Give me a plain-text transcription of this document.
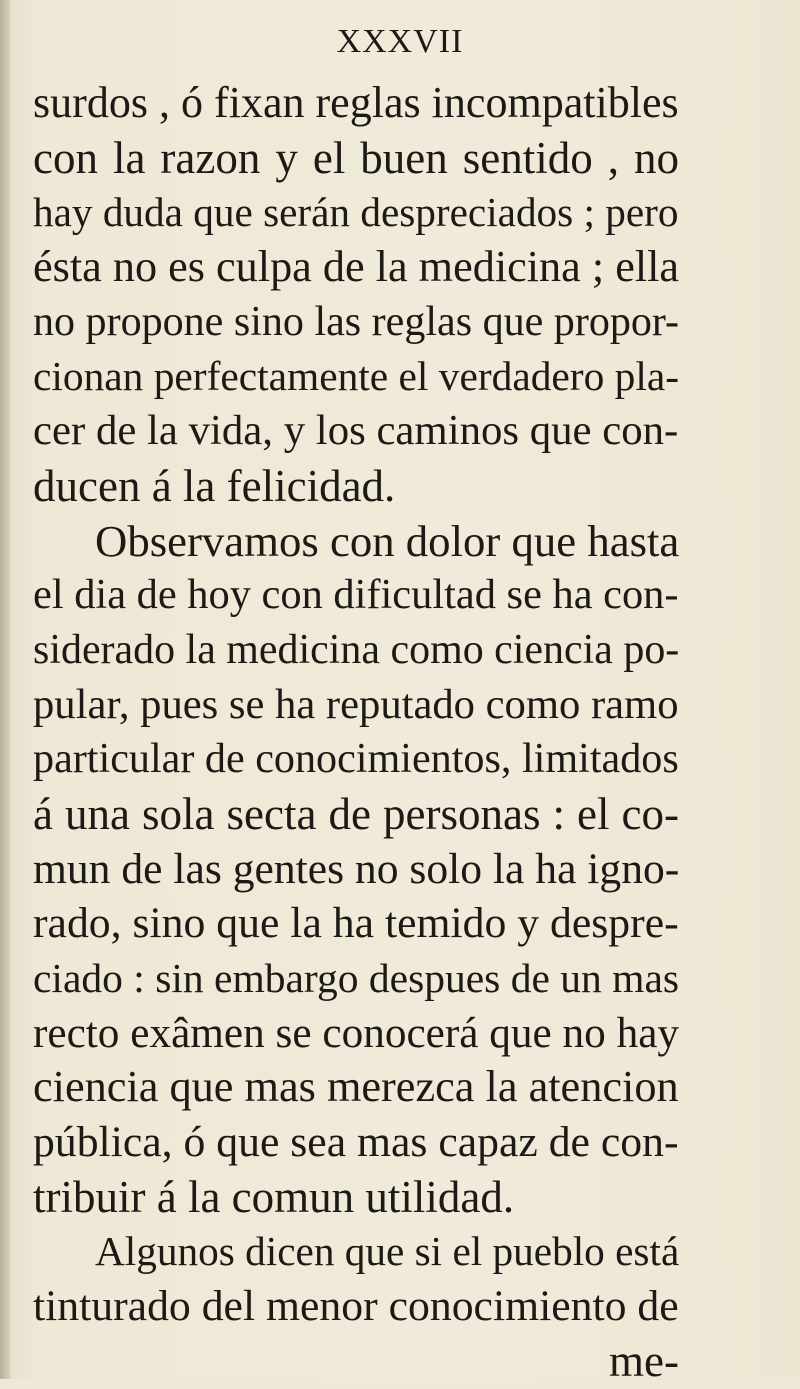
XXXVII
surdos , ó fixan reglas incompatibles
con la razon y el buen sentido , no
hay duda que serán despreciados ; pero
ésta no es culpa de la medicina ; ella
no propone sino las reglas que propor-
cionan perfectamente el verdadero pla-
cer de la vida, y los caminos que con-
ducen á la felicidad.
Observamos con dolor que hasta
el dia de hoy con dificultad se ha con-
siderado la medicina como ciencia po-
pular, pues se ha reputado como ramo
particular de conocimientos, limitados
á una sola secta de personas : el co-
mun de las gentes no solo la ha igno-
rado, sino que la ha temido y despre-
ciado : sin embargo despues de un mas
recto exâmen se conocerá que no hay
ciencia que mas merezca la atencion
pública, ó que sea mas capaz de con-
tribuir á la comun utilidad.
Algunos dicen que si el pueblo está
tinturado del menor conocimiento de
me-
